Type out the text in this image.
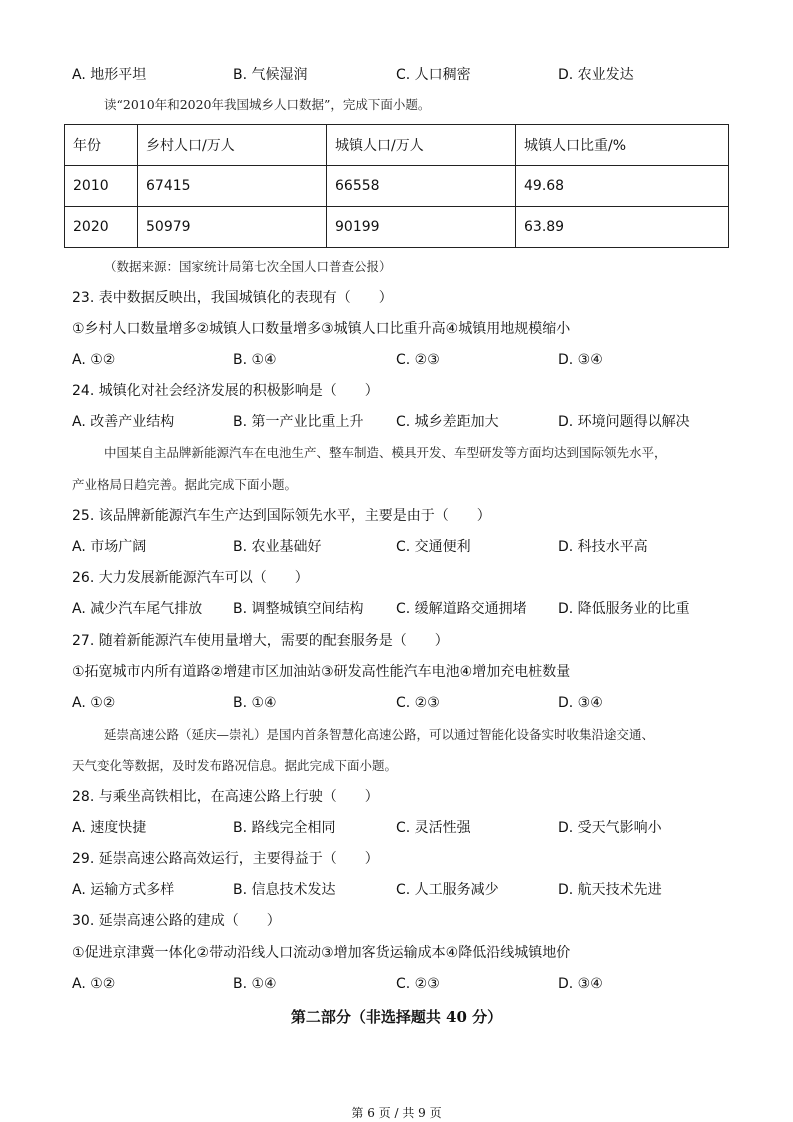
A. 地形平坦	B. 气候湿润	C. 人口稠密	D. 农业发达
读“2010年和2020年我国城乡人口数据”，完成下面小题。
年份	乡村人口/万人	城镇人口/万人	城镇人口比重/%
2010	67415	66558	49.68
2020	50979	90199	63.89
（数据来源：国家统计局第七次全国人口普查公报）
23. 表中数据反映出，我国城镇化的表现有（　　）
①乡村人口数量增多②城镇人口数量增多③城镇人口比重升高④城镇用地规模缩小
A. ①②	B. ①④	C. ②③	D. ③④
24. 城镇化对社会经济发展的积极影响是（　　）
A. 改善产业结构	B. 第一产业比重上升 C. 城乡差距加大	D. 环境问题得以解决
中国某自主品牌新能源汽车在电池生产、整车制造、模具开发、车型研发等方面均达到国际领先水平，
产业格局日趋完善。据此完成下面小题。
25. 该品牌新能源汽车生产达到国际领先水平，主要是由于（　　）
A. 市场广阔	B. 农业基础好	C. 交通便利	D. 科技水平高
26. 大力发展新能源汽车可以（　　）
A. 减少汽车尾气排放 B. 调整城镇空间结构 C. 缓解道路交通拥堵 D. 降低服务业的比重
27. 随着新能源汽车使用量增大，需要的配套服务是（　　）
①拓宽城市内所有道路②增建市区加油站③研发高性能汽车电池④增加充电桩数量
A. ①②	B. ①④	C. ②③	D. ③④
延崇高速公路（延庆—崇礼）是国内首条智慧化高速公路，可以通过智能化设备实时收集沿途交通、
天气变化等数据，及时发布路况信息。据此完成下面小题。
28. 与乘坐高铁相比，在高速公路上行驶（　　）
A. 速度快捷	B. 路线完全相同	C. 灵活性强	D. 受天气影响小
29. 延崇高速公路高效运行，主要得益于（　　）
A. 运输方式多样	B. 信息技术发达	C. 人工服务减少	D. 航天技术先进
30. 延崇高速公路的建成（　　）
①促进京津冀一体化②带动沿线人口流动③增加客货运输成本④降低沿线城镇地价
A. ①②	B. ①④	C. ②③	D. ③④
第二部分（非选择题共 40 分）
第 6 页 / 共 9 页
